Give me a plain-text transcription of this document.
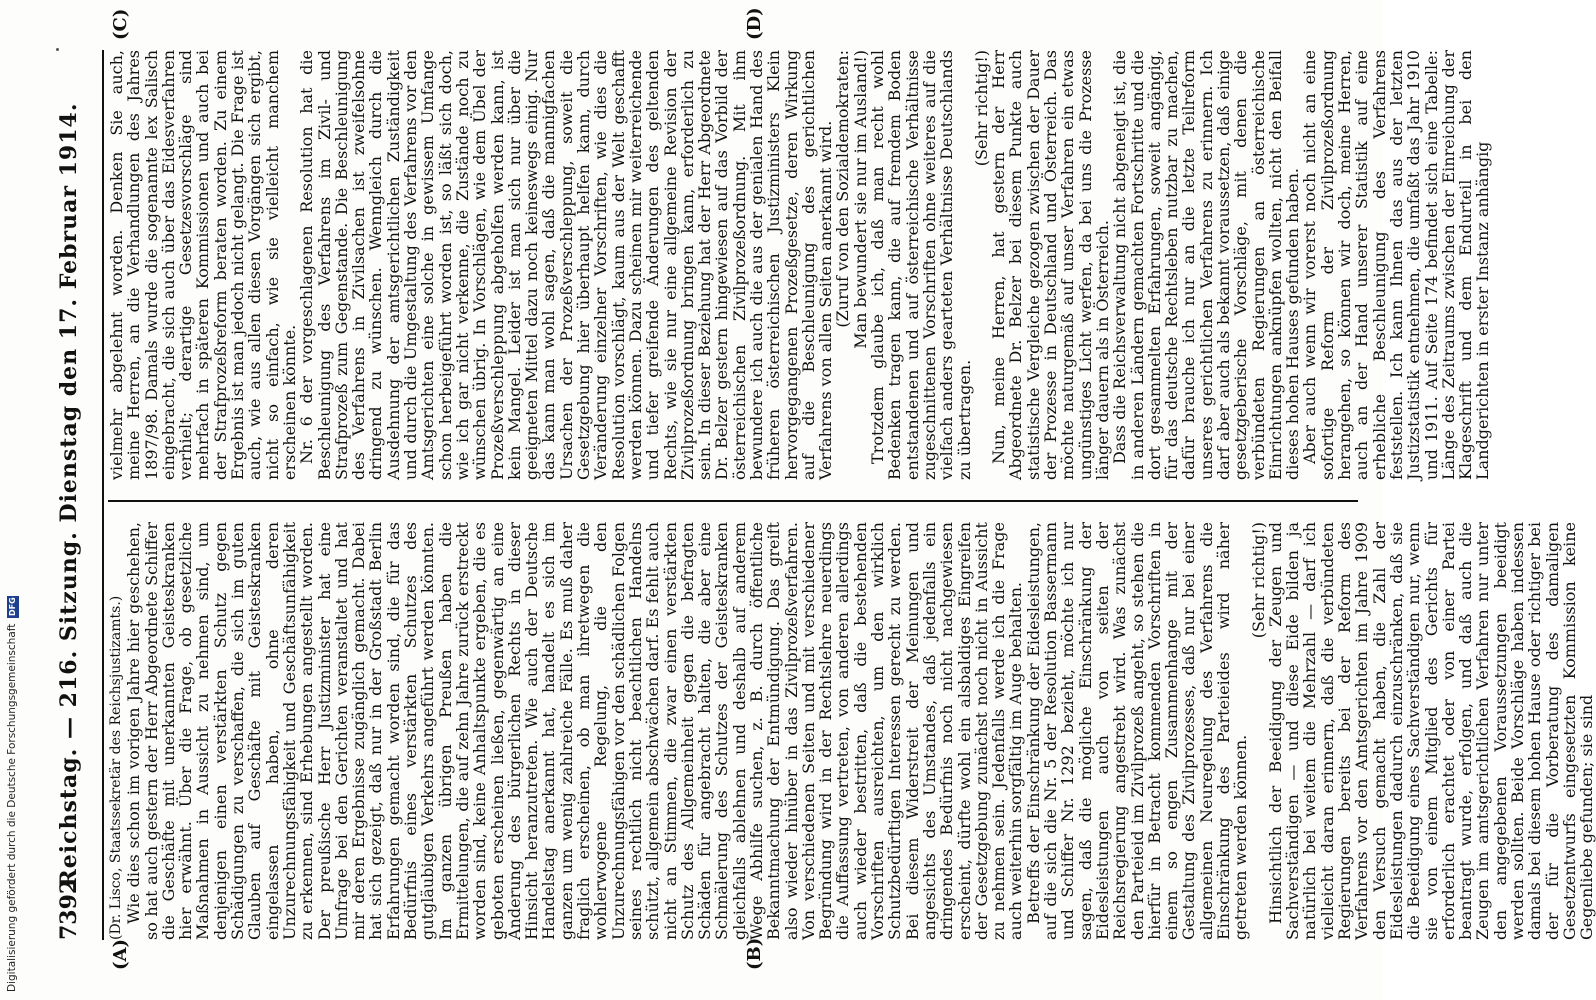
7392
Reichstag. — 216. Sitzung. Dienstag den 17. Februar 1914.
(A)	(B)
(C)	(D)

(Dr. Lisco, Staatssekretär des Reichsjustizamts.) Wie dies schon im vorigen Jahre hier geschehen, so hat auch gestern der Herr Abgeordnete Schiffer die Geschäfte mit unerkannten Geisteskranken hier erwähnt. Über die Frage, ob gesetzliche Maßnahmen in Aussicht zu nehmen sind, um denjenigen einen verstärkten Schutz gegen Schädigungen zu verschaffen, die sich im guten Glauben auf Geschäfte mit Geisteskranken eingelassen haben, ohne deren Unzurechnungsfähigkeit und Geschäftsunfähigkeit zu erkennen, sind Erhebungen angestellt worden. Der preußische Herr Justizminister hat eine Umfrage bei den Gerichten veranstaltet und hat mir deren Ergebnisse zugänglich gemacht. Dabei hat sich gezeigt, daß nur in der Großstadt Berlin Erfahrungen gemacht worden sind, die für das Bedürfnis eines verstärkten Schutzes des gutgläubigen Verkehrs angeführt werden könnten. Im ganzen übrigen Preußen haben die Ermittelungen, die auf zehn Jahre zurück erstreckt worden sind, keine Anhaltspunkte ergeben, die es geboten erscheinen ließen, gegenwärtig an eine Änderung des bürgerlichen Rechts in dieser Hinsicht heranzutreten. Wie auch der Deutsche Handelstag anerkannt hat, handelt es sich im ganzen um wenig zahlreiche Fälle. Es muß daher fraglich erscheinen, ob man ihretwegen die wohlerwogene Regelung, die den Unzurechnungsfähigen vor den schädlichen Folgen seines rechtlich nicht beachtlichen Handelns schützt, allgemein abschwächen darf. Es fehlt auch nicht an Stimmen, die zwar einen verstärkten Schutz des Allgemeinheit gegen die befragten Schäden für angebracht halten, die aber eine Schmälerung des Schutzes der Geisteskranken gleichfalls ablehnen und deshalb auf anderem Wege Abhilfe suchen, z. B. durch öffentliche Bekanntmachung der Entmündigung. Das greift also wieder hinüber in das Zivilprozeßverfahren. Von verschiedenen Seiten und mit verschiedener Begründung wird in der Rechtslehre neuerdings die Auffassung vertreten, von anderen allerdings auch wieder bestritten, daß die bestehenden Vorschriften ausreichten, um den wirklich Schutzbedürftigen Interessen gerecht zu werden. Bei diesem Widerstreit der Meinungen und angesichts des Umstandes, daß jedenfalls ein dringendes Bedürfnis noch nicht nachgewiesen erscheint, dürfte wohl ein alsbaldiges Eingreifen der Gesetzgebung zunächst noch nicht in Aussicht zu nehmen sein. Jedenfalls werde ich die Frage auch weiterhin sorgfältig im Auge behalten.

Betreffs der Einschränkung der Eidesleistungen, auf die sich die Nr. 5 der Resolution Bassermann und Schiffer Nr. 1292 bezieht, möchte ich nur sagen, daß die mögliche Einschränkung der Eidesleistungen auch von seiten der Reichsregierung angestrebt wird. Was zunächst den Parteieid im Zivilprozeß angeht, so stehen die hierfür in Betracht kommenden Vorschriften in einem so engen Zusammenhange mit der Gestaltung des Zivilprozesses, daß nur bei einer allgemeinen Neuregelung des Verfahrens die Einschränkung des Parteieides wird näher getreten werden können.

(Sehr richtig!)

Hinsichtlich der Beeidigung der Zeugen und Sachverständigen — und diese Eide bilden ja natürlich bei weitem die Mehrzahl — darf ich vielleicht daran erinnern, daß die verbündeten Regierungen bereits bei der Reform des Verfahrens vor den Amtsgerichten im Jahre 1909 den Versuch gemacht haben, die Zahl der Eidesleistungen dadurch einzuschränken, daß sie die Beeidigung eines Sachverständigen nur, wenn sie von einem Mitglied des Gerichts für erforderlich erachtet oder von einer Partei beantragt wurde, erfolgen, und daß auch die Zeugen im amtsgerichtlichen Verfahren nur unter den angegebenen Voraussetzungen beeidigt werden sollten. Beide Vorschläge haben indessen damals bei diesem hohen Hause oder richtiger bei der für die Vorberatung des damaligen Gesetzentwurfs eingesetzten Kommission keine Gegenliebe gefunden; sie sind

vielmehr abgelehnt worden. Denken Sie auch, meine Herren, an die Verhandlungen des Jahres 1897/98. Damals wurde die sogenannte lex Salisch eingebracht, die sich auch über das Eidesverfahren verhielt; derartige Gesetzesvorschläge sind mehrfach in späteren Kommissionen und auch bei der Strafprozeßreform beraten worden. Zu einem Ergebnis ist man jedoch nicht gelangt. Die Frage ist auch, wie aus allen diesen Vorgängen sich ergibt, nicht so einfach, wie sie vielleicht manchem erscheinen könnte.

Nr. 6 der vorgeschlagenen Resolution hat die Beschleunigung des Verfahrens im Zivil- und Strafprozeß zum Gegenstande. Die Beschleunigung des Verfahrens in Zivilsachen ist zweifelsohne dringend zu wünschen. Wenngleich durch die Ausdehnung der amtsgerichtlichen Zuständigkeit und durch die Umgestaltung des Verfahrens vor den Amtsgerichten eine solche in gewissem Umfange schon herbeigeführt worden ist, so läßt sich doch, wie ich gar nicht verkenne, die Zustände noch zu wünschen übrig. In Vorschlägen, wie dem Übel der Prozeßverschleppung abgeholfen werden kann, ist kein Mangel. Leider ist man sich nur über die geeigneten Mittel dazu noch keineswegs einig. Nur das kann man wohl sagen, daß die mannigfachen Ursachen der Prozeßverschleppung, soweit die Gesetzgebung hier überhaupt helfen kann, durch Veränderung einzelner Vorschriften, wie dies die Resolution vorschlägt, kaum aus der Welt geschafft werden können. Dazu scheinen mir weiterreichende und tiefer greifende Änderungen des geltenden Rechts, wie sie nur eine allgemeine Revision der Zivilprozeßordnung bringen kann, erforderlich zu sein. In dieser Beziehung hat der Herr Abgeordnete Dr. Belzer gestern hingewiesen auf das Vorbild der österreichischen Zivilprozeßordnung. Mit ihm bewundere ich auch die aus der genialen Hand des früheren österreichischen Justizministers Klein hervorgegangenen Prozeßgesetze, deren Wirkung auf die Beschleunigung des gerichtlichen Verfahrens von allen Seiten anerkannt wird.

(Zuruf von den Sozialdemokraten:

Man bewundert sie nur im Ausland!)

Trotzdem glaube ich, daß man recht wohl Bedenken tragen kann, die auf fremdem Boden entstandenen und auf österreichische Verhältnisse zugeschnittenen Vorschriften ohne weiteres auf die vielfach anders gearteten Verhältnisse Deutschlands zu übertragen.

(Sehr richtig!)

Nun, meine Herren, hat gestern der Herr Abgeordnete Dr. Belzer bei diesem Punkte auch statistische Vergleiche gezogen zwischen der Dauer der Prozesse in Deutschland und Österreich. Das möchte naturgemäß auf unser Verfahren ein etwas ungünstiges Licht werfen, da bei uns die Prozesse länger dauern als in Österreich.

Dass die Reichsverwaltung nicht abgeneigt ist, die in anderen Ländern gemachten Fortschritte und die dort gesammelten Erfahrungen, soweit angängig, für das deutsche Rechtsleben nutzbar zu machen, dafür brauche ich nur an die letzte Teilreform unseres gerichtlichen Verfahrens zu erinnern. Ich darf aber auch als bekannt voraussetzen, daß einige gesetzgeberische Vorschläge, mit denen die verbündeten Regierungen an österreichische Einrichtungen anknüpfen wollten, nicht den Beifall dieses hohen Hauses gefunden haben.

Aber auch wenn wir vorerst noch nicht an eine sofortige Reform der Zivilprozeßordnung herangehen, so können wir doch, meine Herren, auch an der Hand unserer Statistik auf eine erhebliche Beschleunigung des Verfahrens feststellen. Ich kann Ihnen das aus der letzten Justizstatistik entnehmen, die umfaßt das Jahr 1910 und 1911. Auf Seite 174 befindet sich eine Tabelle: Länge des Zeitraums zwischen der Einreichung der Klageschrift und dem Endurteil in bei den Landgerichten in erster Instanz anhängig

Digitalisierung gefördert durch die Deutsche ForschungsgemeinschaftDFG
